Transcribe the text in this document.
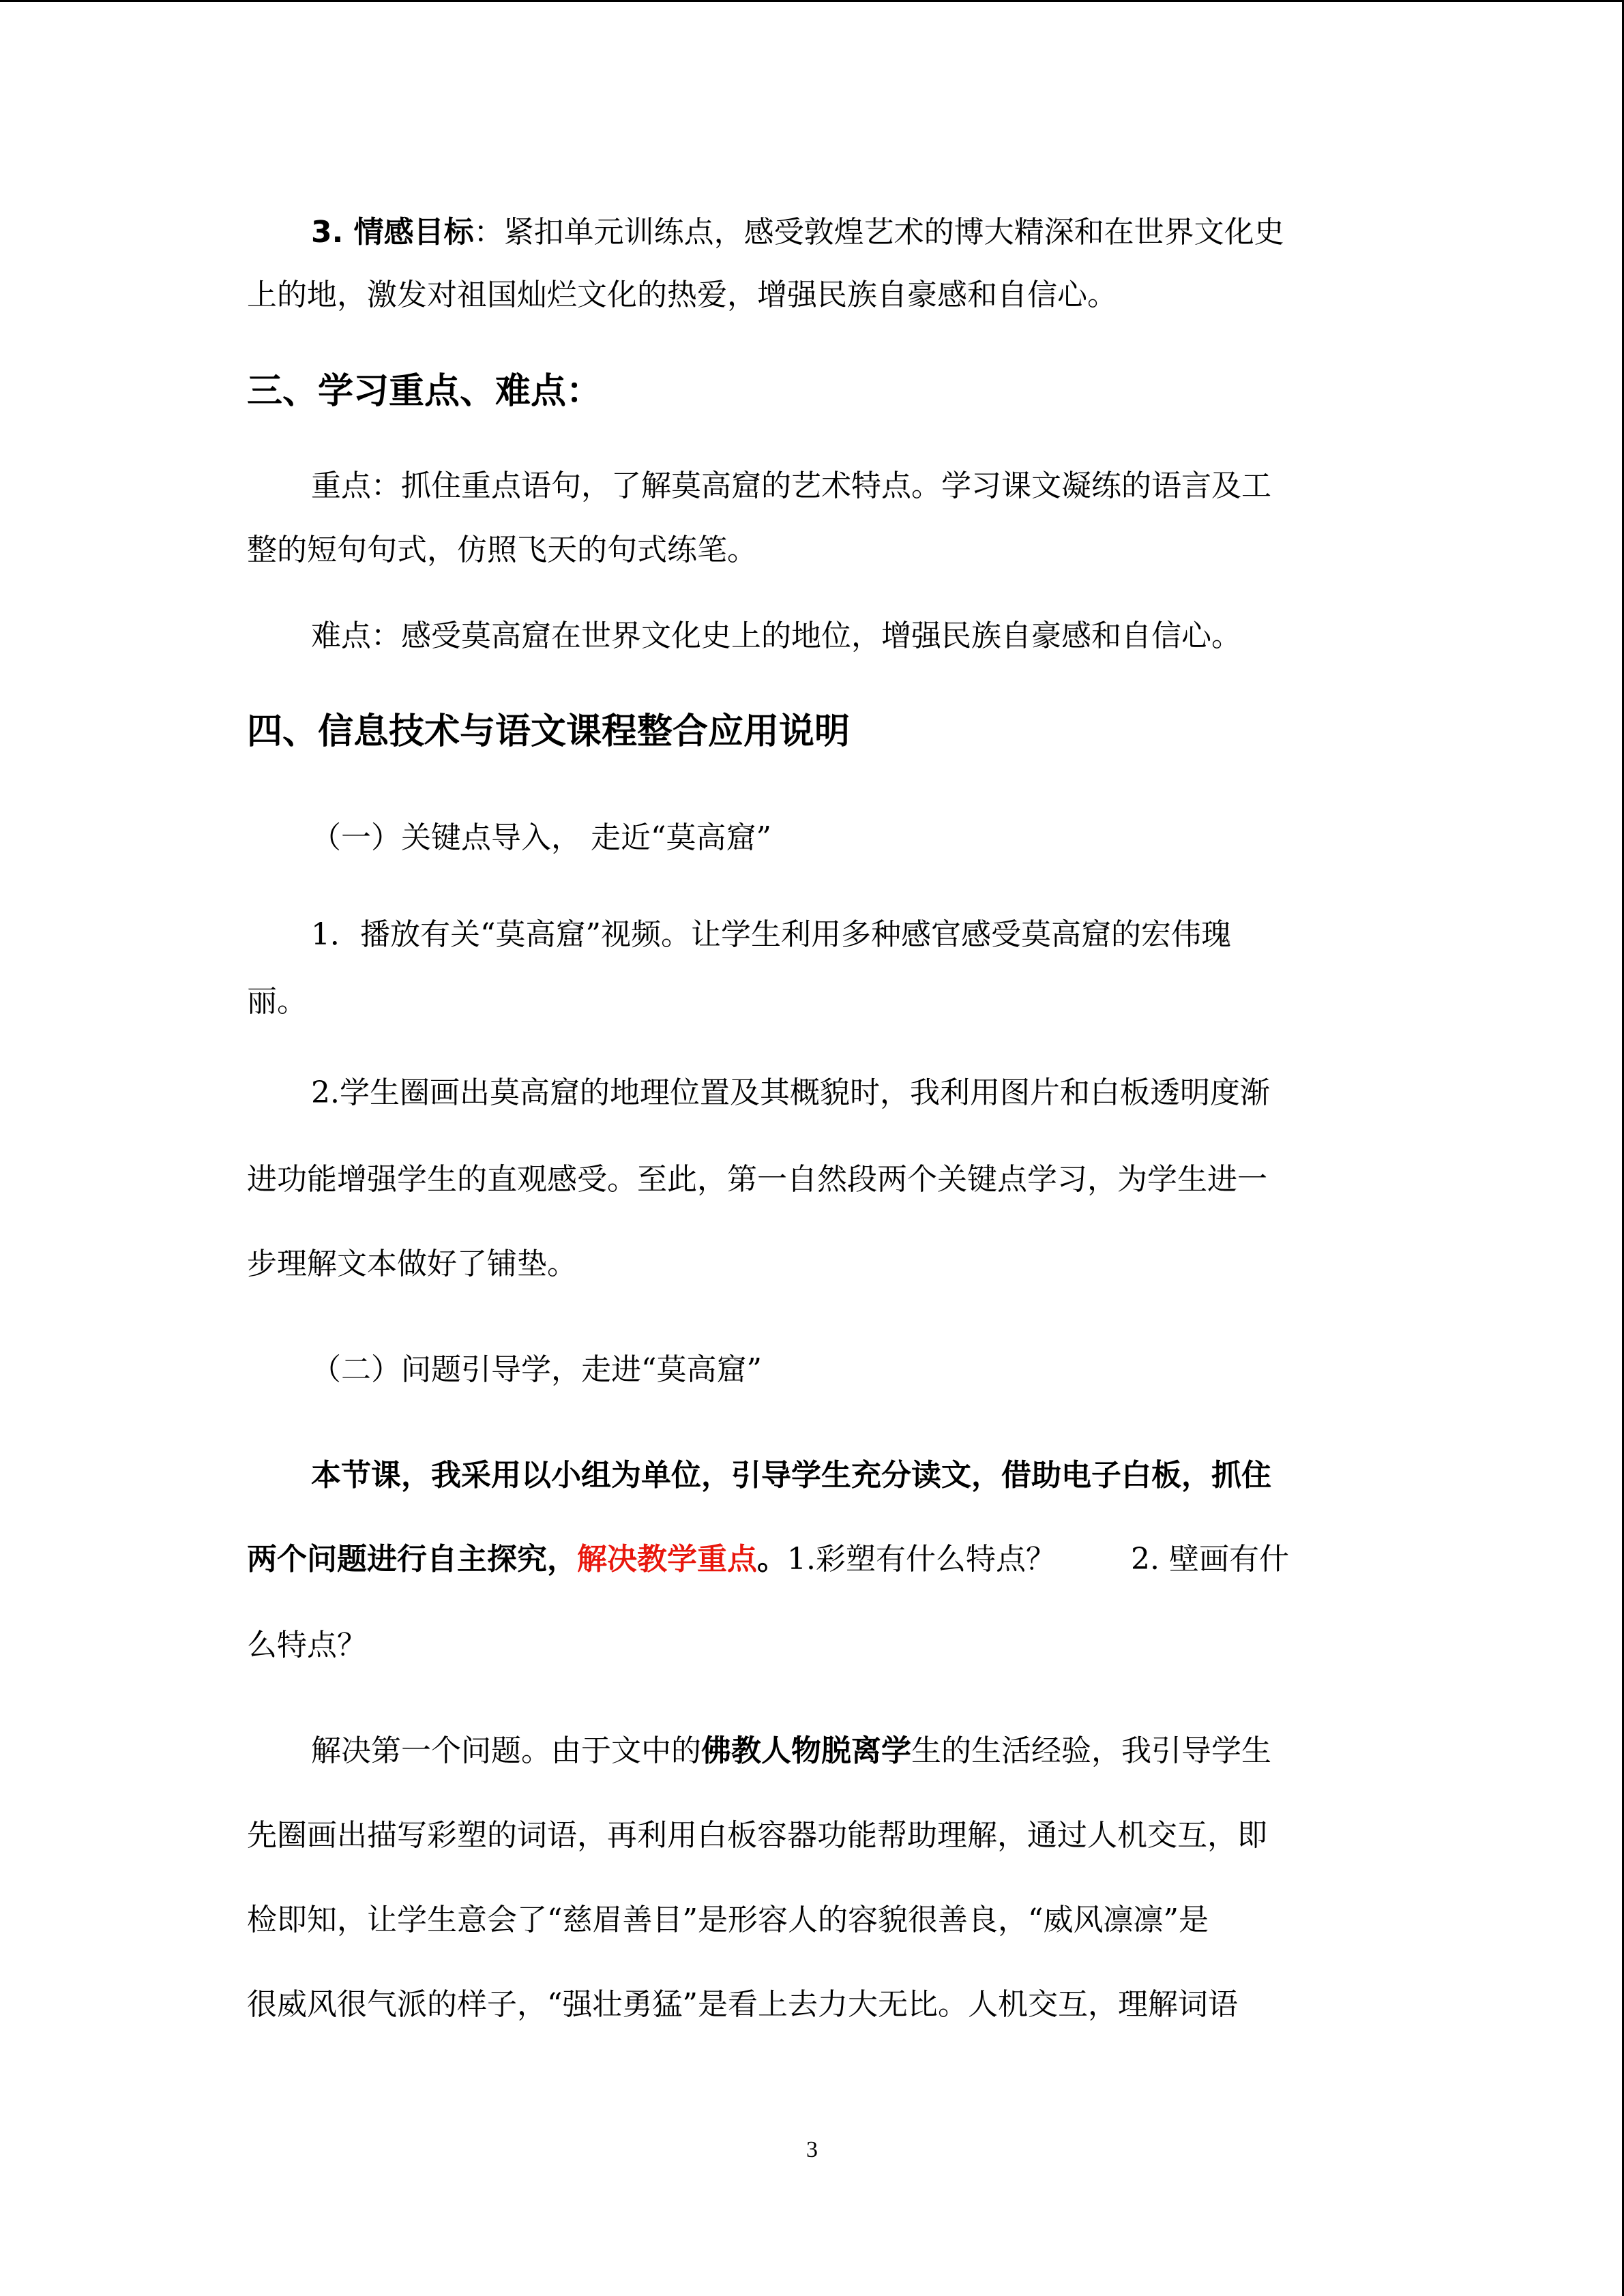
3. 情感目标：紧扣单元训练点，感受敦煌艺术的博大精深和在世界文化史
上的地，激发对祖国灿烂文化的热爱，增强民族自豪感和自信心。
三、学习重点、难点：
重点：抓住重点语句，了解莫高窟的艺术特点。学习课文凝练的语言及工
整的短句句式，仿照飞天的句式练笔。
难点：感受莫高窟在世界文化史上的地位，增强民族自豪感和自信心。
四、信息技术与语文课程整合应用说明
（一）关键点导入， 走近“莫高窟”
1．播放有关“莫高窟”视频。让学生利用多种感官感受莫高窟的宏伟瑰
丽。
2.学生圈画出莫高窟的地理位置及其概貌时，我利用图片和白板透明度渐
进功能增强学生的直观感受。至此，第一自然段两个关键点学习，为学生进一
步理解文本做好了铺垫。
（二）问题引导学，走进“莫高窟”
本节课，我采用以小组为单位，引导学生充分读文，借助电子白板，抓住
两个问题进行自主探究，解决教学重点。1.彩塑有什么特点？	2. 壁画有什
么特点？
解决第一个问题。由于文中的佛教人物脱离学生的生活经验，我引导学生
先圈画出描写彩塑的词语，再利用白板容器功能帮助理解，通过人机交互，即
检即知，让学生意会了“慈眉善目”是形容人的容貌很善良，“威风凛凛”是
很威风很气派的样子，“强壮勇猛”是看上去力大无比。人机交互，理解词语
3
